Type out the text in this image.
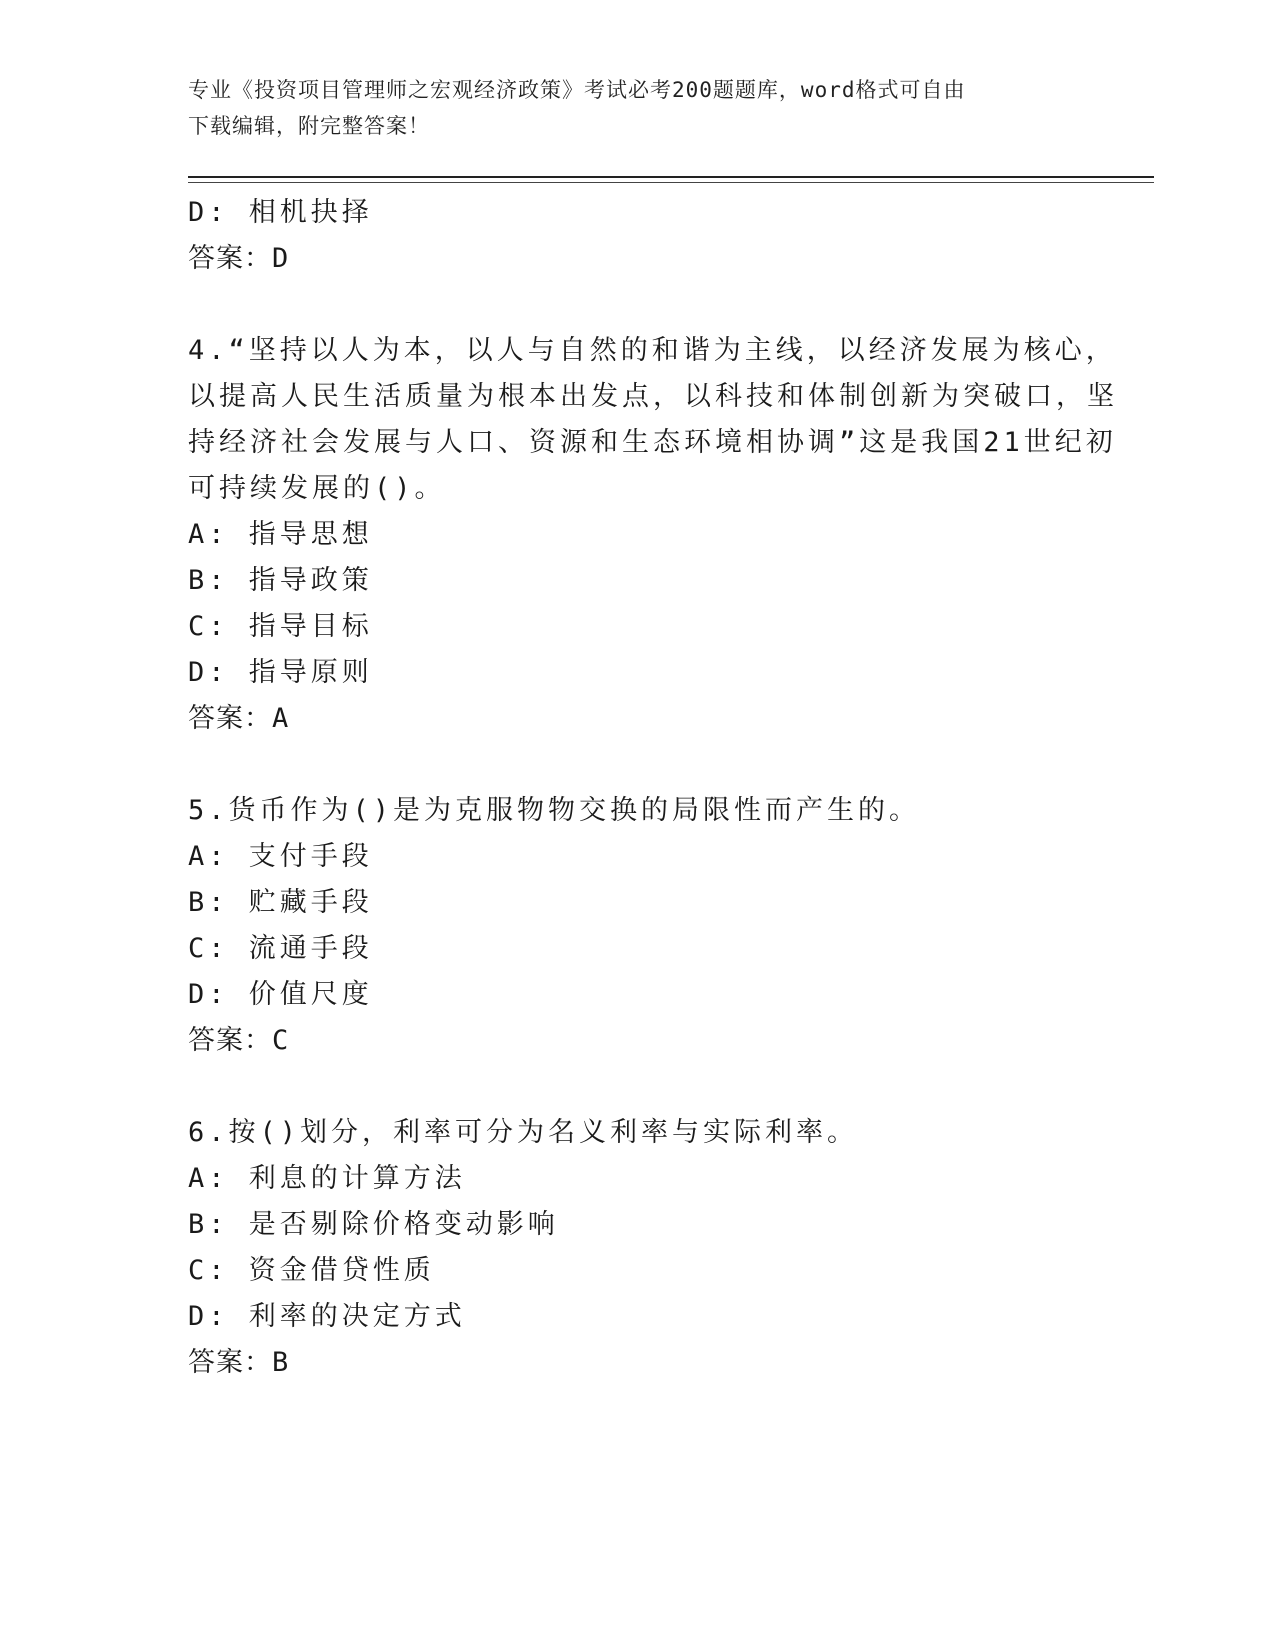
专业《投资项目管理师之宏观经济政策》考试必考200题题库，word格式可自由
下载编辑，附完整答案！
D: 相机抉择
答案：D
4.“坚持以人为本，以人与自然的和谐为主线，以经济发展为核心，
以提高人民生活质量为根本出发点，以科技和体制创新为突破口，坚
持经济社会发展与人口、资源和生态环境相协调”这是我国21世纪初
可持续发展的()。
A: 指导思想
B: 指导政策
C: 指导目标
D: 指导原则
答案：A
5.货币作为()是为克服物物交换的局限性而产生的。
A: 支付手段
B: 贮藏手段
C: 流通手段
D: 价值尺度
答案：C
6.按()划分，利率可分为名义利率与实际利率。
A: 利息的计算方法
B: 是否剔除价格变动影响
C: 资金借贷性质
D: 利率的决定方式
答案：B
